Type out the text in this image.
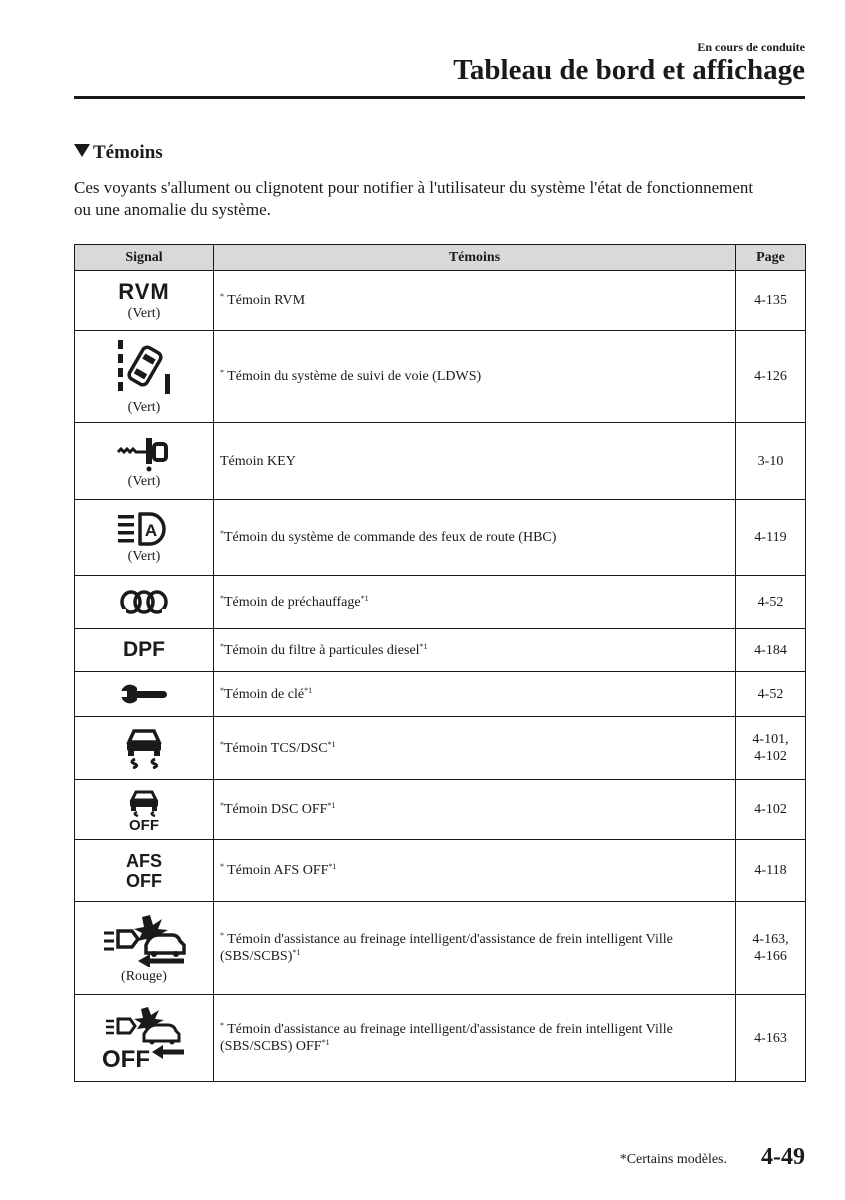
En cours de conduite
Tableau de bord et affichage
Témoins
Ces voyants s'allument ou clignotent pour notifier à l'utilisateur du système l'état de fonctionnement ou une anomalie du système.
Signal	Témoins	Page

RVM
(Vert)	* Témoin RVM	4-135

(Vert)	* Témoin du système de suivi de voie (LDWS)	4-126

(Vert)	Témoin KEY	3-10

A
(Vert)	*Témoin du système de commande des feux de route (HBC)	4-119

	*Témoin de préchauffage$^{*1}$	4-52

DPF	*Témoin du filtre à particules diesel$^{*1}$	4-184

	*Témoin de clé$^{*1}$	4-52

	*Témoin TCS/DSC$^{*1}$	4-101,
4-102

OFF	*Témoin DSC OFF$^{*1}$	4-102

AFS
OFF	* Témoin AFS OFF$^{*1}$	4-118

(Rouge)	* Témoin d'assistance au freinage intelligent/d'assistance de frein intelligent Ville (SBS/SCBS)$^{*1}$	4-163,
4-166

OFF	* Témoin d'assistance au freinage intelligent/d'assistance de frein intelligent Ville (SBS/SCBS) OFF$^{*1}$	4-163
*Certains modèles. 4-49
